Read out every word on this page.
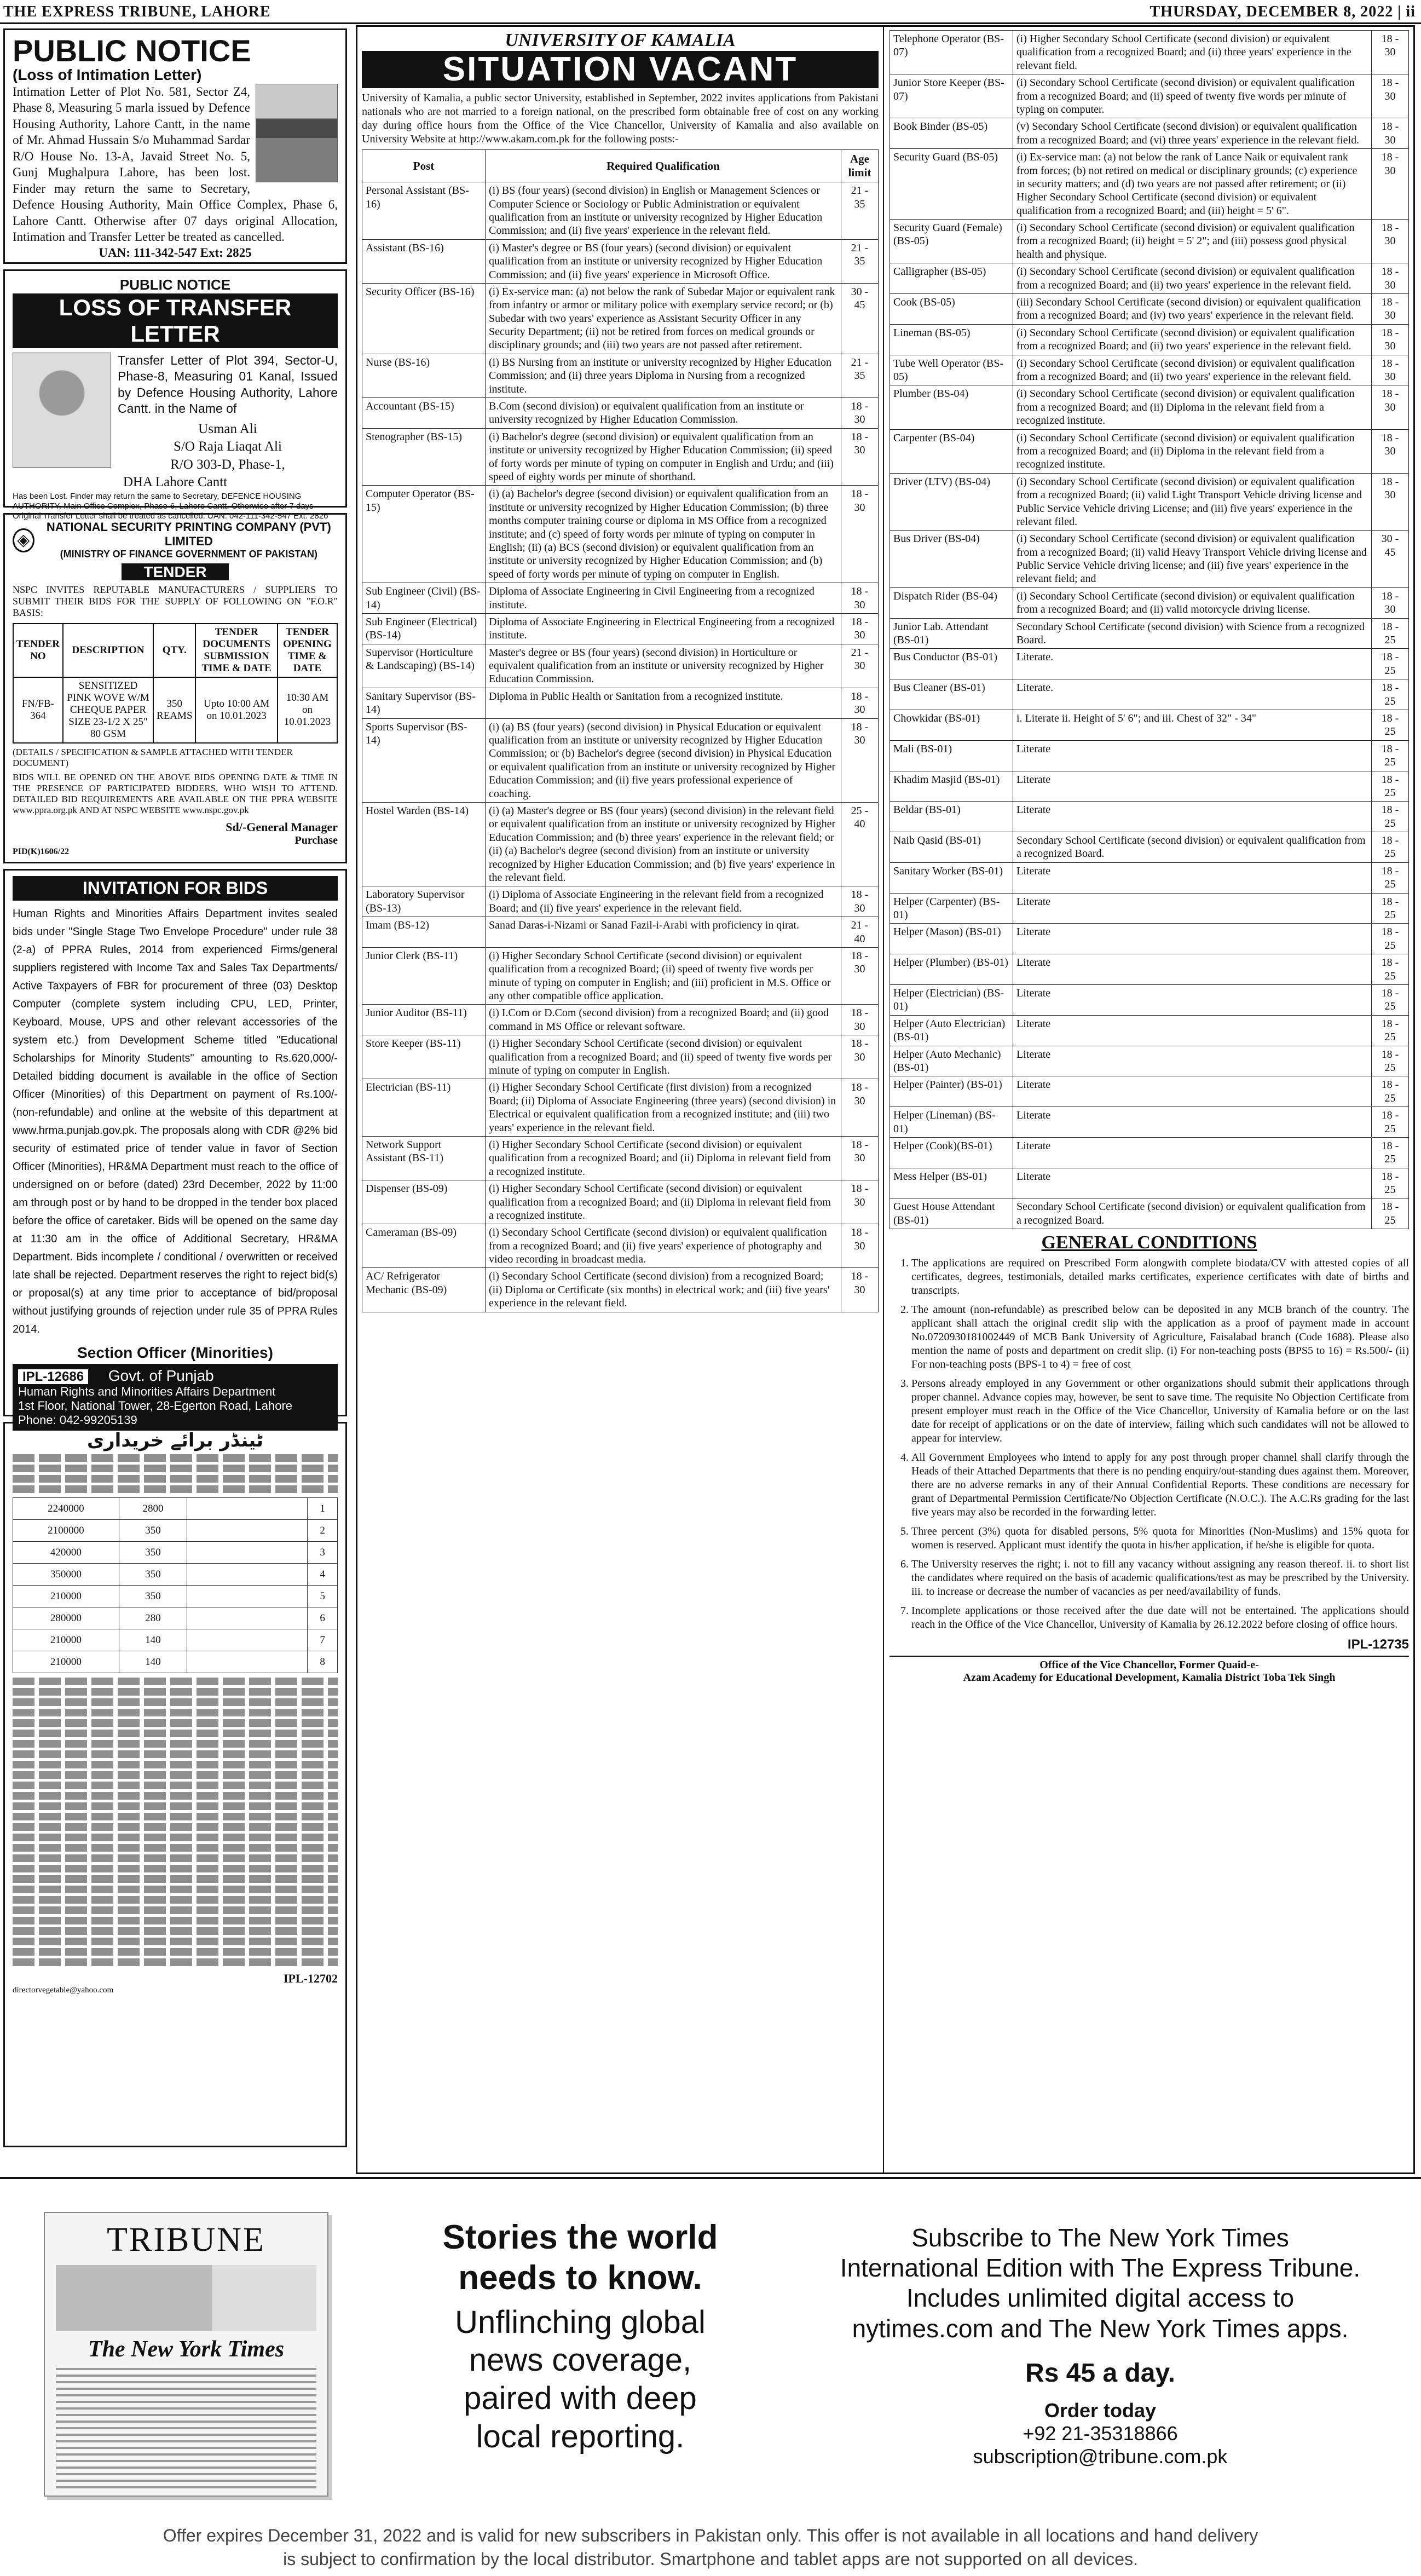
THE EXPRESS TRIBUNE, LAHORE	THURSDAY, DECEMBER 8, 2022 | ii
PUBLIC NOTICE
(Loss of Intimation Letter)
Intimation Letter of Plot No. 581, Sector Z4, Phase 8, Measuring 5 marla issued by Defence Housing Authority, Lahore Cantt, in the name of Mr. Ahmad Hussain S/o Muhammad Sardar R/O House No. 13-A, Javaid Street No. 5, Gunj Mughalpura Lahore, has been lost. Finder may return the same to Secretary, Defence Housing Authority, Main Office Complex, Phase 6, Lahore Cantt. Otherwise after 07 days original Allocation, Intimation and Transfer Letter be treated as cancelled.
UAN: 111-342-547 Ext: 2825
PUBLIC NOTICE
LOSS OF TRANSFER LETTER
Transfer Letter of Plot 394, Sector-U, Phase-8, Measuring 01 Kanal, Issued by Defence Housing Authority, Lahore Cantt. in the Name of
Usman Ali
S/O Raja Liaqat Ali
R/O 303-D, Phase-1,
DHA Lahore Cantt
Has been Lost. Finder may return the same to Secretary, DEFENCE HOUSING AUTHORITY, Main Office Complex, Phase-6, Lahore Cantt. Otherwise after 7 days Original Transfer Letter shall be treated as cancelled. UAN: 042-111-342-547 Ext: 2826
◈
NATIONAL SECURITY PRINTING COMPANY (PVT) LIMITED
(MINISTRY OF FINANCE GOVERNMENT OF PAKISTAN)
TENDER
NSPC INVITES REPUTABLE MANUFACTURERS / SUPPLIERS TO SUBMIT THEIR BIDS FOR THE SUPPLY OF FOLLOWING ON "F.O.R" BASIS:
TENDER NO	DESCRIPTION	QTY.	TENDER DOCUMENTS SUBMISSION TIME & DATE	TENDER OPENING TIME & DATE
FN/FB-364	SENSITIZED PINK WOVE W/M CHEQUE PAPER SIZE 23-1/2 X 25" 80 GSM	350 REAMS	Upto 10:00 AM on 10.01.2023	10:30 AM on 10.01.2023
(DETAILS / SPECIFICATION & SAMPLE ATTACHED WITH TENDER DOCUMENT)
BIDS WILL BE OPENED ON THE ABOVE BIDS OPENING DATE & TIME IN THE PRESENCE OF PARTICIPATED BIDDERS, WHO WISH TO ATTEND. DETAILED BID REQUIREMENTS ARE AVAILABLE ON THE PPRA WEBSITE www.ppra.org.pk AND AT NSPC WEBSITE www.nspc.gov.pk
Sd/-General Manager
Purchase
PID(K)1606/22
INVITATION FOR BIDS
Human Rights and Minorities Affairs Department invites sealed bids under "Single Stage Two Envelope Procedure" under rule 38 (2-a) of PPRA Rules, 2014 from experienced Firms/general suppliers registered with Income Tax and Sales Tax Departments/ Active Taxpayers of FBR for procurement of three (03) Desktop Computer (complete system including CPU, LED, Printer, Keyboard, Mouse, UPS and other relevant accessories of the system etc.) from Development Scheme titled "Educational Scholarships for Minority Students" amounting to Rs.620,000/- Detailed bidding document is available in the office of Section Officer (Minorities) of this Department on payment of Rs.100/- (non-refundable) and online at the website of this department at www.hrma.punjab.gov.pk. The proposals along with CDR @2% bid security of estimated price of tender value in favor of Section Officer (Minorities), HR&MA Department must reach to the office of undersigned on or before (dated) 23rd December, 2022 by 11:00 am through post or by hand to be dropped in the tender box placed before the office of caretaker. Bids will be opened on the same day at 11:30 am in the office of Additional Secretary, HR&MA Department. Bids incomplete / conditional / overwritten or received late shall be rejected. Department reserves the right to reject bid(s) or proposal(s) at any time prior to acceptance of bid/proposal without justifying grounds of rejection under rule 35 of PPRA Rules 2014.
Section Officer (Minorities)
IPL-12686 Govt. of Punjab
Human Rights and Minorities Affairs Department
1st Floor, National Tower, 28-Egerton Road, Lahore
Phone: 042-99205139
ٹینڈر برائے خریداری
2240000	2800		1
2100000	350		2
420000	350		3
350000	350		4
210000	350		5
280000	280		6
210000	140		7
210000	140		8
IPL-12702
directorvegetable@yahoo.com
UNIVERSITY OF KAMALIA
SITUATION VACANT
University of Kamalia, a public sector University, established in September, 2022 invites applications from Pakistani nationals who are not married to a foreign national, on the prescribed form obtainable free of cost on any working day during office hours from the Office of the Vice Chancellor, University of Kamalia and also available on University Website at http://www.akam.com.pk for the following posts:-
Post	Required Qualification	Age limit
Personal Assistant (BS-16)	(i) BS (four years) (second division) in English or Management Sciences or Computer Science or Sociology or Public Administration or equivalent qualification from an institute or university recognized by Higher Education Commission; and (ii) five years' experience in the relevant field.	21 - 35
Assistant (BS-16)	(i) Master's degree or BS (four years) (second division) or equivalent qualification from an institute or university recognized by Higher Education Commission; and (ii) five years' experience in Microsoft Office.	21 - 35
Security Officer (BS-16)	(i) Ex-service man: (a) not below the rank of Subedar Major or equivalent rank from infantry or armor or military police with exemplary service record; or (b) Subedar with two years' experience as Assistant Security Officer in any Security Department; (ii) not be retired from forces on medical grounds or disciplinary grounds; and (iii) two years are not passed after retirement.	30 - 45
Nurse (BS-16)	(i) BS Nursing from an institute or university recognized by Higher Education Commission; and (ii) three years Diploma in Nursing from a recognized institute.	21 - 35
Accountant (BS-15)	B.Com (second division) or equivalent qualification from an institute or university recognized by Higher Education Commission.	18 - 30
Stenographer (BS-15)	(i) Bachelor's degree (second division) or equivalent qualification from an institute or university recognized by Higher Education Commission; (ii) speed of forty words per minute of typing on computer in English and Urdu; and (iii) speed of eighty words per minute of shorthand.	18 - 30
Computer Operator (BS-15)	(i) (a) Bachelor's degree (second division) or equivalent qualification from an institute or university recognized by Higher Education Commission; (b) three months computer training course or diploma in MS Office from a recognized institute; and (c) speed of forty words per minute of typing on computer in English; (ii) (a) BCS (second division) or equivalent qualification from an institute or university recognized by Higher Education Commission; and (b) speed of forty words per minute of typing on computer in English.	18 - 30
Sub Engineer (Civil) (BS-14)	Diploma of Associate Engineering in Civil Engineering from a recognized institute.	18 - 30
Sub Engineer (Electrical) (BS-14)	Diploma of Associate Engineering in Electrical Engineering from a recognized institute.	18 - 30
Supervisor (Horticulture & Landscaping) (BS-14)	Master's degree or BS (four years) (second division) in Horticulture or equivalent qualification from an institute or university recognized by Higher Education Commission.	21 - 30
Sanitary Supervisor (BS-14)	Diploma in Public Health or Sanitation from a recognized institute.	18 - 30
Sports Supervisor (BS-14)	(i) (a) BS (four years) (second division) in Physical Education or equivalent qualification from an institute or university recognized by Higher Education Commission; or (b) Bachelor's degree (second division) in Physical Education or equivalent qualification from an institute or university recognized by Higher Education Commission; and (ii) five years professional experience of coaching.	18 - 30
Hostel Warden (BS-14)	(i) (a) Master's degree or BS (four years) (second division) in the relevant field or equivalent qualification from an institute or university recognized by Higher Education Commission; and (b) three years' experience in the relevant field; or (ii) (a) Bachelor's degree (second division) from an institute or university recognized by Higher Education Commission; and (b) five years' experience in the relevant field.	25 - 40
Laboratory Supervisor (BS-13)	(i) Diploma of Associate Engineering in the relevant field from a recognized Board; and (ii) five years' experience in the relevant field.	18 - 30
Imam (BS-12)	Sanad Daras-i-Nizami or Sanad Fazil-i-Arabi with proficiency in qirat.	21 - 40
Junior Clerk (BS-11)	(i) Higher Secondary School Certificate (second division) or equivalent qualification from a recognized Board; (ii) speed of twenty five words per minute of typing on computer in English; and (iii) proficient in M.S. Office or any other compatible office application.	18 - 30
Junior Auditor (BS-11)	(i) I.Com or D.Com (second division) from a recognized Board; and (ii) good command in MS Office or relevant software.	18 - 30
Store Keeper (BS-11)	(i) Higher Secondary School Certificate (second division) or equivalent qualification from a recognized Board; and (ii) speed of twenty five words per minute of typing on computer in English.	18 - 30
Electrician (BS-11)	(i) Higher Secondary School Certificate (first division) from a recognized Board; (ii) Diploma of Associate Engineering (three years) (second division) in Electrical or equivalent qualification from a recognized institute; and (iii) two years' experience in the relevant field.	18 - 30
Network Support Assistant (BS-11)	(i) Higher Secondary School Certificate (second division) or equivalent qualification from a recognized Board; and (ii) Diploma in relevant field from a recognized institute.	18 - 30
Dispenser (BS-09)	(i) Higher Secondary School Certificate (second division) or equivalent qualification from a recognized Board; and (ii) Diploma in relevant field from a recognized institute.	18 - 30
Cameraman (BS-09)	(i) Secondary School Certificate (second division) or equivalent qualification from a recognized Board; and (ii) five years' experience of photography and video recording in broadcast media.	18 - 30
AC/ Refrigerator Mechanic (BS-09)	(i) Secondary School Certificate (second division) from a recognized Board; (ii) Diploma or Certificate (six months) in electrical work; and (iii) five years' experience in the relevant field.	18 - 30
Telephone Operator (BS-07)	(i) Higher Secondary School Certificate (second division) or equivalent qualification from a recognized Board; and (ii) three years' experience in the relevant field.	18 - 30
Junior Store Keeper (BS-07)	(i) Secondary School Certificate (second division) or equivalent qualification from a recognized Board; and (ii) speed of twenty five words per minute of typing on computer.	18 - 30
Book Binder (BS-05)	(v) Secondary School Certificate (second division) or equivalent qualification from a recognized Board; and (vi) three years' experience in the relevant field.	18 - 30
Security Guard (BS-05)	(i) Ex-service man: (a) not below the rank of Lance Naik or equivalent rank from forces; (b) not retired on medical or disciplinary grounds; (c) experience in security matters; and (d) two years are not passed after retirement; or (ii) Higher Secondary School Certificate (second division) or equivalent qualification from a recognized Board; and (iii) height = 5' 6".	18 - 30
Security Guard (Female) (BS-05)	(i) Secondary School Certificate (second division) or equivalent qualification from a recognized Board; (ii) height = 5' 2"; and (iii) possess good physical health and physique.	18 - 30
Calligrapher (BS-05)	(i) Secondary School Certificate (second division) or equivalent qualification from a recognized Board; and (ii) two years' experience in the relevant field.	18 - 30
Cook (BS-05)	(iii) Secondary School Certificate (second division) or equivalent qualification from a recognized Board; and (iv) two years' experience in the relevant field.	18 - 30
Lineman (BS-05)	(i) Secondary School Certificate (second division) or equivalent qualification from a recognized Board; and (ii) two years' experience in the relevant field.	18 - 30
Tube Well Operator (BS-05)	(i) Secondary School Certificate (second division) or equivalent qualification from a recognized Board; and (ii) two years' experience in the relevant field.	18 - 30
Plumber (BS-04)	(i) Secondary School Certificate (second division) or equivalent qualification from a recognized Board; and (ii) Diploma in the relevant field from a recognized institute.	18 - 30
Carpenter (BS-04)	(i) Secondary School Certificate (second division) or equivalent qualification from a recognized Board; and (ii) Diploma in the relevant field from a recognized institute.	18 - 30
Driver (LTV) (BS-04)	(i) Secondary School Certificate (second division) or equivalent qualification from a recognized Board; (ii) valid Light Transport Vehicle driving license and Public Service Vehicle driving License; and (iii) five years' experience in the relevant filed.	18 - 30
Bus Driver (BS-04)	(i) Secondary School Certificate (second division) or equivalent qualification from a recognized Board; (ii) valid Heavy Transport Vehicle driving license and Public Service Vehicle driving license; and (iii) five years' experience in the relevant field; and	30 - 45
Dispatch Rider (BS-04)	(i) Secondary School Certificate (second division) or equivalent qualification from a recognized Board; and (ii) valid motorcycle driving license.	18 - 30
Junior Lab. Attendant (BS-01)	Secondary School Certificate (second division) with Science from a recognized Board.	18 - 25
Bus Conductor (BS-01)	Literate.	18 - 25
Bus Cleaner (BS-01)	Literate.	18 - 25
Chowkidar (BS-01)	i. Literate ii. Height of 5' 6"; and iii. Chest of 32" - 34"	18 - 25
Mali (BS-01)	Literate	18 - 25
Khadim Masjid (BS-01)	Literate	18 - 25
Beldar (BS-01)	Literate	18 - 25
Naib Qasid (BS-01)	Secondary School Certificate (second division) or equivalent qualification from a recognized Board.	18 - 25
Sanitary Worker (BS-01)	Literate	18 - 25
Helper (Carpenter) (BS-01)	Literate	18 - 25
Helper (Mason) (BS-01)	Literate	18 - 25
Helper (Plumber) (BS-01)	Literate	18 - 25
Helper (Electrician) (BS-01)	Literate	18 - 25
Helper (Auto Electrician)(BS-01)	Literate	18 - 25
Helper (Auto Mechanic)(BS-01)	Literate	18 - 25
Helper (Painter) (BS-01)	Literate	18 - 25
Helper (Lineman) (BS-01)	Literate	18 - 25
Helper (Cook)(BS-01)	Literate	18 - 25
Mess Helper (BS-01)	Literate	18 - 25
Guest House Attendant (BS-01)	Secondary School Certificate (second division) or equivalent qualification from a recognized Board.	18 - 25
GENERAL CONDITIONS
1. The applications are required on Prescribed Form alongwith complete biodata/CV with attested copies of all certificates, degrees, testimonials, detailed marks certificates, experience certificates with date of births and transcripts.
2. The amount (non-refundable) as prescribed below can be deposited in any MCB branch of the country. The applicant shall attach the original credit slip with the application as a proof of payment made in account No.0720930181002449 of MCB Bank University of Agriculture, Faisalabad branch (Code 1688). Please also mention the name of posts and department on credit slip. (i) For non-teaching posts (BPS5 to 16) = Rs.500/- (ii) For non-teaching posts (BPS-1 to 4) = free of cost
3. Persons already employed in any Government or other organizations should submit their applications through proper channel. Advance copies may, however, be sent to save time. The requisite No Objection Certificate from present employer must reach in the Office of the Vice Chancellor, University of Kamalia before or on the last date for receipt of applications or on the date of interview, failing which such candidates will not be allowed to appear for interview.
4. All Government Employees who intend to apply for any post through proper channel shall clarify through the Heads of their Attached Departments that there is no pending enquiry/out-standing dues against them. Moreover, there are no adverse remarks in any of their Annual Confidential Reports. These conditions are necessary for grant of Departmental Permission Certificate/No Objection Certificate (N.O.C.). The A.C.Rs grading for the last five years may also be recorded in the forwarding letter.
5. Three percent (3%) quota for disabled persons, 5% quota for Minorities (Non-Muslims) and 15% quota for women is reserved. Applicant must identify the quota in his/her application, if he/she is eligible for quota.
6. The University reserves the right; i. not to fill any vacancy without assigning any reason thereof. ii. to short list the candidates where required on the basis of academic qualifications/test as may be prescribed by the University. iii. to increase or decrease the number of vacancies as per need/availability of funds.
7. Incomplete applications or those received after the due date will not be entertained. The applications should reach in the Office of the Vice Chancellor, University of Kamalia by 26.12.2022 before closing of office hours.
IPL-12735
Office of the Vice Chancellor, Former Quaid-e-
Azam Academy for Educational Development, Kamalia District Toba Tek Singh
TRIBUNE
The New York Times
Stories the world
needs to know.
Unflinching global
news coverage,
paired with deep
local reporting.
Subscribe to The New York Times
International Edition with The Express Tribune.
Includes unlimited digital access to
nytimes.com and The New York Times apps.
Rs 45 a day.
Order today
+92 21-35318866
subscription@tribune.com.pk
Offer expires December 31, 2022 and is valid for new subscribers in Pakistan only. This offer is not available in all locations and hand delivery
is subject to confirmation by the local distributor. Smartphone and tablet apps are not supported on all devices.
